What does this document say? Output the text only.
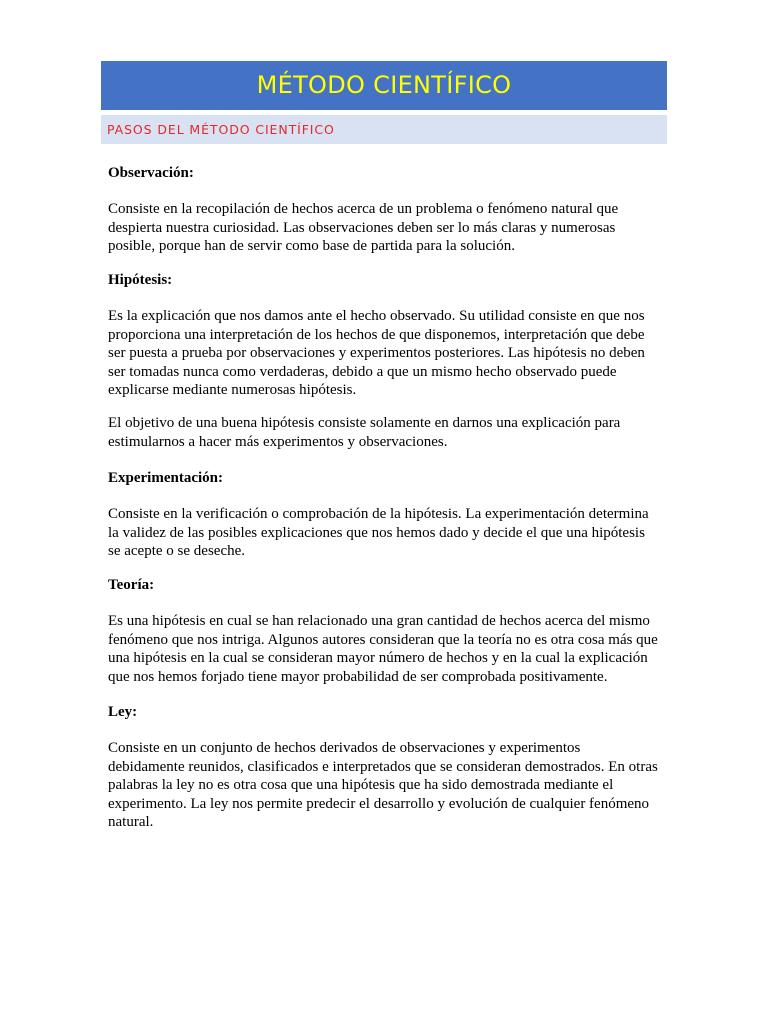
MÉTODO CIENTÍFICO
PASOS DEL MÉTODO CIENTÍFICO
Observación:
Consiste en la recopilación de hechos acerca de un problema o fenómeno natural que
despierta nuestra curiosidad. Las observaciones deben ser lo más claras y numerosas
posible, porque han de servir como base de partida para la solución.
Hipótesis:
Es la explicación que nos damos ante el hecho observado. Su utilidad consiste en que nos
proporciona una interpretación de los hechos de que disponemos, interpretación que debe
ser puesta a prueba por observaciones y experimentos posteriores. Las hipótesis no deben
ser tomadas nunca como verdaderas, debido a que un mismo hecho observado puede
explicarse mediante numerosas hipótesis.
El objetivo de una buena hipótesis consiste solamente en darnos una explicación para
estimularnos a hacer más experimentos y observaciones.
Experimentación:
Consiste en la verificación o comprobación de la hipótesis. La experimentación determina
la validez de las posibles explicaciones que nos hemos dado y decide el que una hipótesis
se acepte o se deseche.
Teoría:
Es una hipótesis en cual se han relacionado una gran cantidad de hechos acerca del mismo
fenómeno que nos intriga. Algunos autores consideran que la teoría no es otra cosa más que
una hipótesis en la cual se consideran mayor número de hechos y en la cual la explicación
que nos hemos forjado tiene mayor probabilidad de ser comprobada positivamente.
Ley:
Consiste en un conjunto de hechos derivados de observaciones y experimentos
debidamente reunidos, clasificados e interpretados que se consideran demostrados. En otras
palabras la ley no es otra cosa que una hipótesis que ha sido demostrada mediante el
experimento. La ley nos permite predecir el desarrollo y evolución de cualquier fenómeno
natural.
